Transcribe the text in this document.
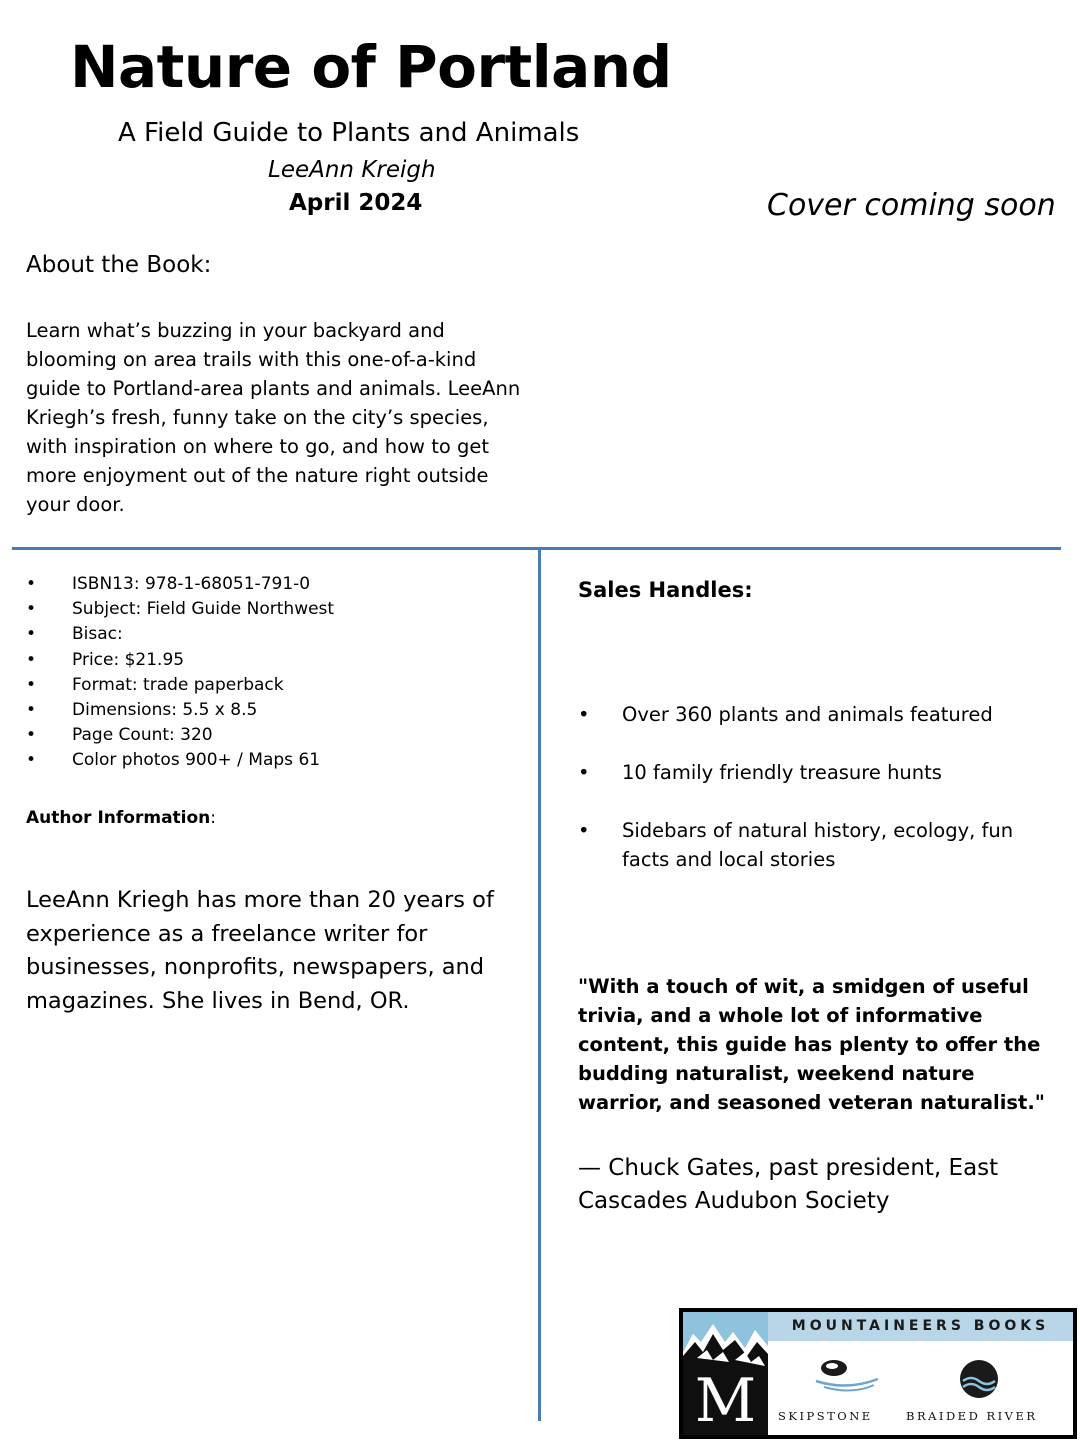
Nature of Portland
A Field Guide to Plants and Animals
LeeAnn Kreigh
April 2024	Cover coming soon
About the Book:
Learn what’s buzzing in your backyard and blooming on area trails with this one-of-a-kind guide to Portland-area plants and animals. LeeAnn Kriegh’s fresh, funny take on the city’s species, with inspiration on where to go, and how to get more enjoyment out of the nature right outside your door.
• ISBN13: 978-1-68051-791-0
• Subject: Field Guide Northwest
• Bisac:
• Price: $21.95
• Format: trade paperback
• Dimensions: 5.5 x 8.5
• Page Count: 320
• Color photos 900+ / Maps 61
Author Information:
LeeAnn Kriegh has more than 20 years of experience as a freelance writer for businesses, nonprofits, newspapers, and magazines. She lives in Bend, OR.
Sales Handles:
• Over 360 plants and animals featured
• 10 family friendly treasure hunts
• Sidebars of natural history, ecology, fun facts and local stories
"With a touch of wit, a smidgen of useful trivia, and a whole lot of informative content, this guide has plenty to offer the budding naturalist, weekend nature warrior, and seasoned veteran naturalist."
— Chuck Gates, past president, East Cascades Audubon Society
M
MOUNTAINEERS BOOKS
SKIPSTONE	BRAIDED RIVER
